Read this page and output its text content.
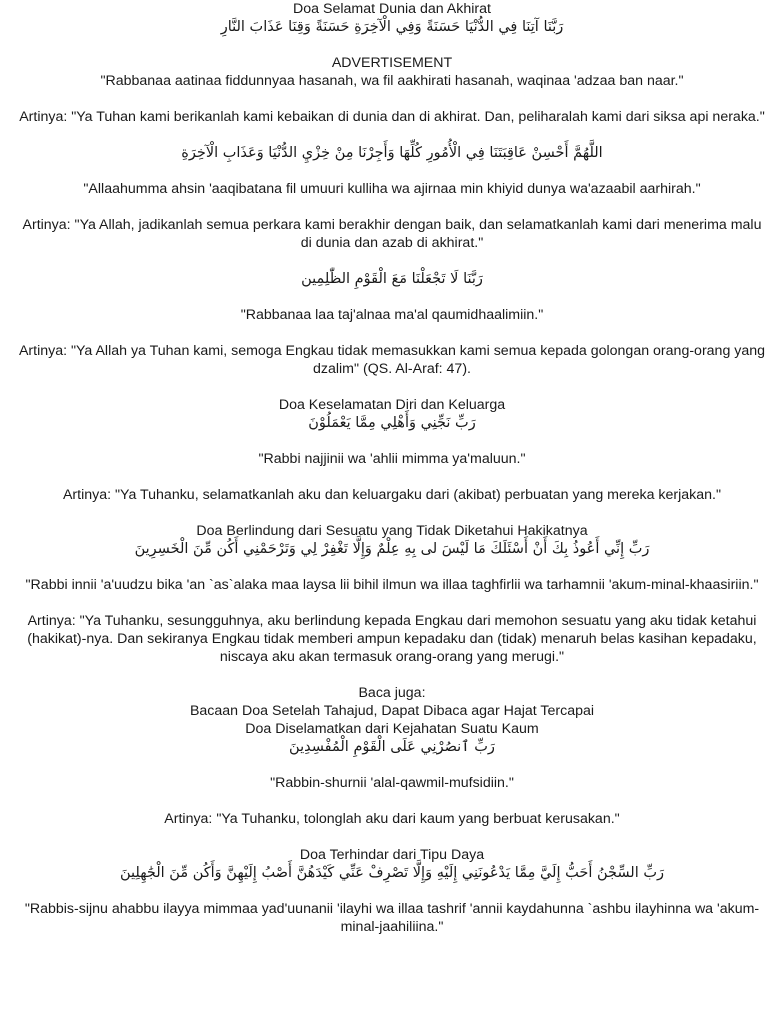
Doa Selamat Dunia dan Akhirat
رَبَّنَا آتِنَا فِي الدُّنْيَا حَسَنَةً وَفِي الْآخِرَةِ حَسَنَةً وَقِنَا عَذَابَ النَّارِ
ADVERTISEMENT
"Rabbanaa aatinaa fiddunnyaa hasanah, wa fil aakhirati hasanah, waqinaa 'adzaa ban naar."
Artinya: "Ya Tuhan kami berikanlah kami kebaikan di dunia dan di akhirat. Dan, peliharalah kami dari siksa api neraka."
اللَّهُمَّ أَحْسِنْ عَاقِبَتَنَا فِي الْأُمُورِ كُلِّهَا وَأَجِرْنَا مِنْ خِزْيِ الدُّنْيَا وَعَذَابِ الْآخِرَةِ
"Allaahumma ahsin 'aaqibatana fil umuuri kulliha wa ajirnaa min khiyid dunya wa'azaabil aarhirah."
Artinya: "Ya Allah, jadikanlah semua perkara kami berakhir dengan baik, dan selamatkanlah kami dari menerima malu
di dunia dan azab di akhirat."
رَبَّنَا لَا تَجْعَلْنَا مَعَ الْقَوْمِ الظّٰلِمِين
"Rabbanaa laa taj'alnaa ma'al qaumidhaalimiin."
Artinya: "Ya Allah ya Tuhan kami, semoga Engkau tidak memasukkan kami semua kepada golongan orang-orang yang
dzalim" (QS. Al-Araf: 47).
Doa Keselamatan Diri dan Keluarga
رَبِّ نَجِّنِي وَأَهْلِي مِمَّا يَعْمَلُوْنَ
"Rabbi najjinii wa 'ahlii mimma ya'maluun."
Artinya: "Ya Tuhanku, selamatkanlah aku dan keluargaku dari (akibat) perbuatan yang mereka kerjakan."
Doa Berlindung dari Sesuatu yang Tidak Diketahui Hakikatnya
رَبِّ إِنِّي أَعُوذُ بِكَ أَنْ أَسْئَلَكَ مَا لَيْسَ لى بِهِ عِلْمٌ وَإِلَّا تَغْفِرْ لِي وَتَرْحَمْنِي أَكُن مِّنَ الْخَسِرِينَ
"Rabbi innii 'a'uudzu bika 'an `as`alaka maa laysa lii bihil ilmun wa illaa taghfirlii wa tarhamnii 'akum-minal-khaasiriin."
Artinya: "Ya Tuhanku, sesungguhnya, aku berlindung kepada Engkau dari memohon sesuatu yang aku tidak ketahui
(hakikat)-nya. Dan sekiranya Engkau tidak memberi ampun kepadaku dan (tidak) menaruh belas kasihan kepadaku,
niscaya aku akan termasuk orang-orang yang merugi."
Baca juga:
Bacaan Doa Setelah Tahajud, Dapat Dibaca agar Hajat Tercapai
Doa Diselamatkan dari Kejahatan Suatu Kaum
رَبِّ ٱنصُرْنِي عَلَى الْقَوْمِ الْمُفْسِدِينَ
"Rabbin-shurnii 'alal-qawmil-mufsidiin."
Artinya: "Ya Tuhanku, tolonglah aku dari kaum yang berbuat kerusakan."
Doa Terhindar dari Tipu Daya
رَبِّ السِّجْنُ أَحَبُّ إِلَيَّ مِمَّا يَدْعُونَنِي إِلَيْهِ وَإِلَّا تَصْرِفْ عَنِّي كَيْدَهُنَّ أَصْبُ إِلَيْهِنَّ وَأَكُن مِّنَ الْجَٰهِلِينَ
"Rabbis-sijnu ahabbu ilayya mimmaa yad'uunanii 'ilayhi wa illaa tashrif 'annii kaydahunna `ashbu ilayhinna wa 'akum-
minal-jaahiliina."
